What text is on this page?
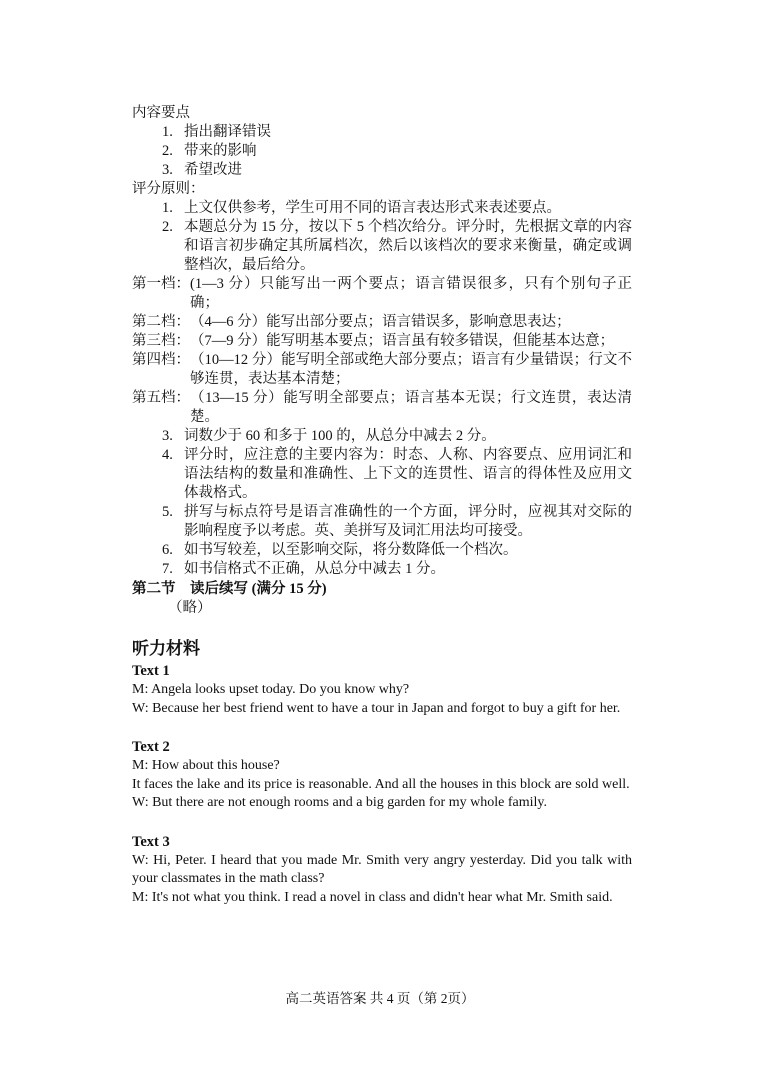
内容要点
1. 指出翻译错误
2. 带来的影响
3. 希望改进
评分原则：
1. 上文仅供参考，学生可用不同的语言表达形式来表述要点。
2. 本题总分为 15 分，按以下 5 个档次给分。评分时，先根据文章的内容和语言初步确定其所属档次，然后以该档次的要求来衡量，确定或调整档次，最后给分。
第一档： (1—3 分）只能写出一两个要点；语言错误很多，只有个别句子正确；
第二档： （4—6 分）能写出部分要点；语言错误多，影响意思表达；
第三档： （7—9 分）能写明基本要点；语言虽有较多错误，但能基本达意；
第四档： （10—12 分）能写明全部或绝大部分要点；语言有少量错误；行文不够连贯，表达基本清楚；
第五档： （13—15 分）能写明全部要点；语言基本无误；行文连贯，表达清楚。
3. 词数少于 60 和多于 100 的，从总分中减去 2 分。
4. 评分时，应注意的主要内容为：时态、人称、内容要点、应用词汇和语法结构的数量和准确性、上下文的连贯性、语言的得体性及应用文体裁格式。
5. 拼写与标点符号是语言准确性的一个方面，评分时，应视其对交际的影响程度予以考虑。英、美拼写及词汇用法均可接受。
6. 如书写较差，以至影响交际，将分数降低一个档次。
7. 如书信格式不正确，从总分中减去 1 分。
第二节　读后续写 (满分 15 分)
（略）
听力材料
Text 1
M: Angela looks upset today. Do you know why?
W: Because her best friend went to have a tour in Japan and forgot to buy a gift for her.
Text 2
M: How about this house?
It faces the lake and its price is reasonable. And all the houses in this block are sold well.
W: But there are not enough rooms and a big garden for my whole family.
Text 3
W: Hi, Peter. I heard that you made Mr. Smith very angry yesterday. Did you talk with your classmates in the math class?
M: It's not what you think. I read a novel in class and didn't hear what Mr. Smith said.
高二英语答案 共 4 页（第 2页）
